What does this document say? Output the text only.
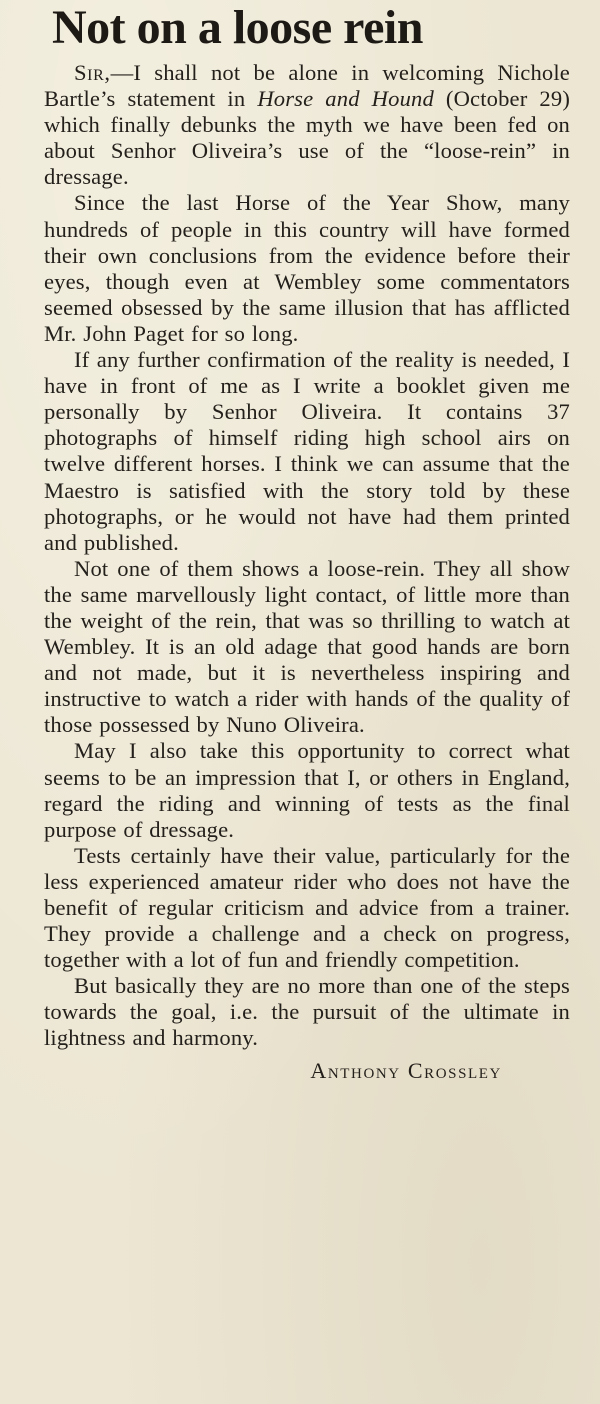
Not on a loose rein

Sir,—I shall not be alone in welcoming Nichole Bartle’s statement in Horse and Hound (October 29) which finally debunks the myth we have been fed on about Senhor Oliveira’s use of the “loose-rein” in dressage.

Since the last Horse of the Year Show, many hundreds of people in this country will have formed their own conclusions from the evidence before their eyes, though even at Wembley some commentators seemed obsessed by the same illusion that has afflicted Mr. John Paget for so long.

If any further confirmation of the reality is needed, I have in front of me as I write a booklet given me personally by Senhor Oliveira. It contains 37 photographs of himself riding high school airs on twelve different horses. I think we can assume that the Maestro is satisfied with the story told by these photographs, or he would not have had them printed and published.

Not one of them shows a loose-rein. They all show the same marvellously light contact, of little more than the weight of the rein, that was so thrilling to watch at Wembley. It is an old adage that good hands are born and not made, but it is nevertheless inspiring and instructive to watch a rider with hands of the quality of those possessed by Nuno Oliveira.

May I also take this opportunity to correct what seems to be an impression that I, or others in England, regard the riding and winning of tests as the final purpose of dressage.

Tests certainly have their value, particularly for the less experienced amateur rider who does not have the benefit of regular criticism and advice from a trainer. They provide a challenge and a check on progress, together with a lot of fun and friendly competition.

But basically they are no more than one of the steps towards the goal, i.e. the pursuit of the ultimate in lightness and harmony.

Anthony Crossley
